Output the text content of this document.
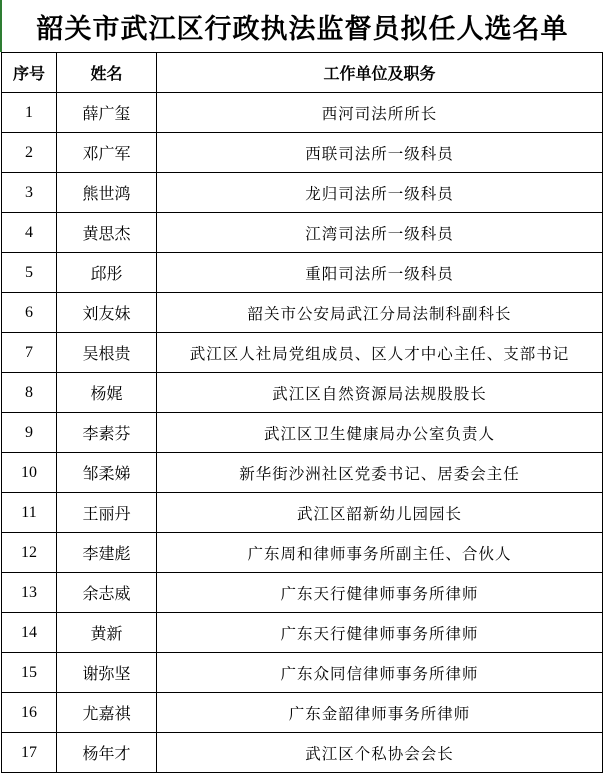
韶关市武江区行政执法监督员拟任人选名单
序号	姓名	工作单位及职务
1	薛广玺	西河司法所所长
2	邓广军	西联司法所一级科员
3	熊世鸿	龙归司法所一级科员
4	黄思杰	江湾司法所一级科员
5	邱彤	重阳司法所一级科员
6	刘友妹	韶关市公安局武江分局法制科副科长
7	吴根贵	武江区人社局党组成员、区人才中心主任、支部书记
8	杨娓	武江区自然资源局法规股股长
9	李素芬	武江区卫生健康局办公室负责人
10	邹柔娣	新华街沙洲社区党委书记、居委会主任
11	王丽丹	武江区韶新幼儿园园长
12	李建彪	广东周和律师事务所副主任、合伙人
13	余志威	广东天行健律师事务所律师
14	黄新	广东天行健律师事务所律师
15	谢弥坚	广东众同信律师事务所律师
16	尤嘉祺	广东金韶律师事务所律师
17	杨年才	武江区个私协会会长
